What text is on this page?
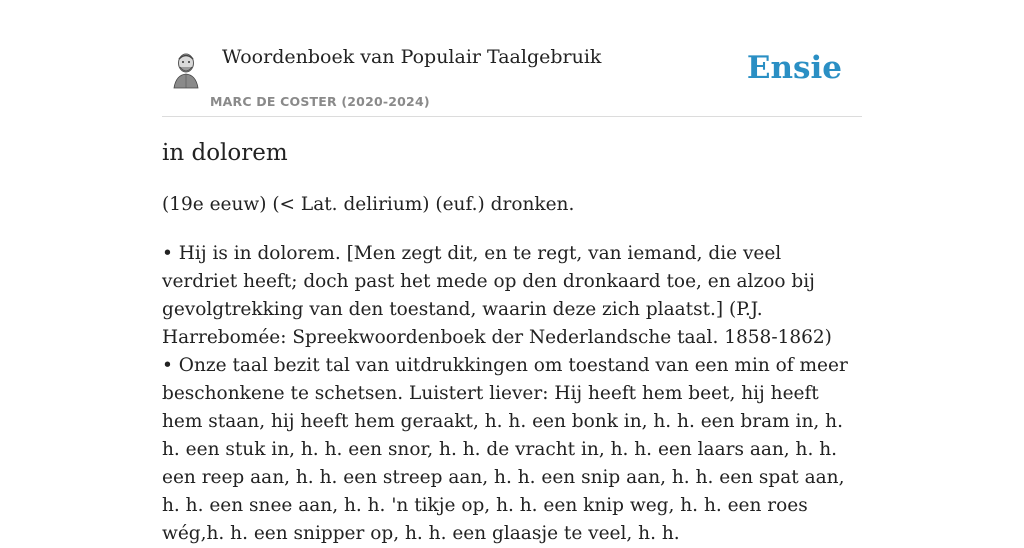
Woordenboek van Populair Taalgebruik
MARC DE COSTER (2020-2024)
Ensie
in dolorem
(19e eeuw) (< Lat. delirium) (euf.) dronken.

• Hij is in dolorem. [Men zegt dit, en te regt, van iemand, die veel verdriet heeft; doch past het mede op den dronkaard toe, en alzoo bij gevolgtrekking van den toestand, waarin deze zich plaatst.] (P.J. Harrebomée: Spreekwoordenboek der Nederlandsche taal. 1858-1862)

• Onze taal bezit tal van uitdrukkingen om toestand van een min of meer beschonkene te schetsen. Luistert liever: Hij heeft hem beet, hij heeft hem staan, hij heeft hem geraakt, h. h. een bonk in, h. h. een bram in, h. h. een stuk in, h. h. een snor, h. h. de vracht in, h. h. een laars aan, h. h. een reep aan, h. h. een streep aan, h. h. een snip aan, h. h. een spat aan, h. h. een snee aan, h. h. 'n tikje op, h. h. een knip weg, h. h. een roes wég,h. h. een snipper op, h. h. een glaasje te veel, h. h.
